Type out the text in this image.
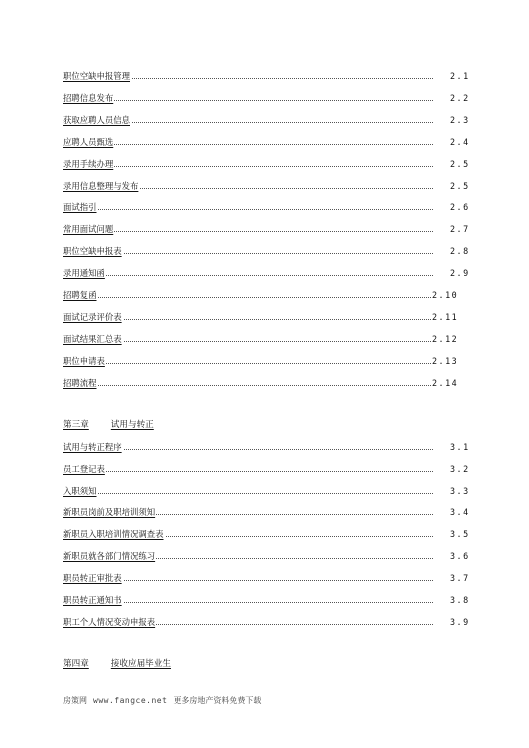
职位空缺申报管理	2.1
招聘信息发布	2.2
获取应聘人员信息	2.3
应聘人员甄选	2.4
录用手续办理	2.5
录用信息整理与发布	2.5
面试指引	2.6
常用面试问题	2.7
职位空缺申报表	2.8
录用通知函	2.9
招聘复函	2.10
面试记录评价表	2.11
面试结果汇总表	2.12
职位申请表	2.13
招聘流程	2.14
第三章	试用与转正
试用与转正程序	3.1
员工登记表	3.2
入职须知	3.3
新职员岗前及职培训须知	3.4
新职员入职培训情况调查表	3.5
新职员就各部门情况练习	3.6
职员转正审批表	3.7
职员转正通知书	3.8
职工个人情况变动申报表	3.9
第四章	接收应届毕业生
房策网 www.fangce.net 更多房地产资料免费下载
